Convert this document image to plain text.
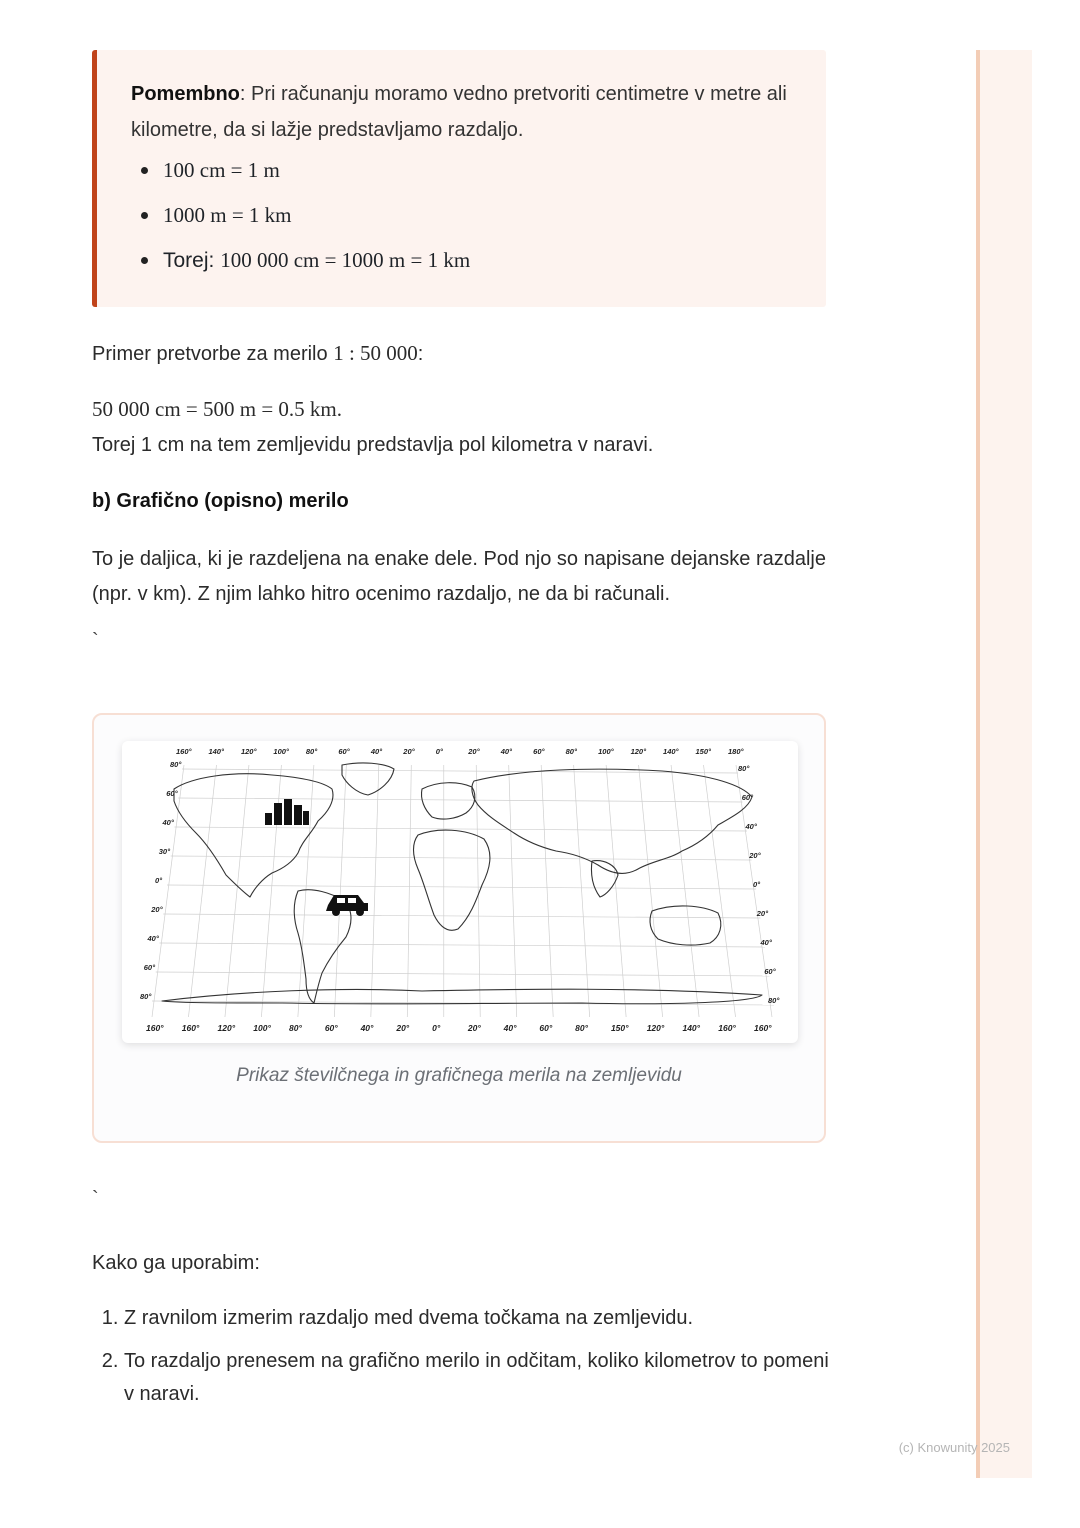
Pomembno: Pri računanju moramo vedno pretvoriti centimetre v metre ali kilometre, da si lažje predstavljamo razdaljo.

100 cm = 1 m
1000 m = 1 km
Torej: 100 000 cm = 1000 m = 1 km

Primer pretvorbe za merilo 1 : 50 000:

50 000 cm = 500 m = 0.5 km.

Torej 1 cm na tem zemljevidu predstavlja pol kilometra v naravi.

b) Grafično (opisno) merilo

To je daljica, ki je razdeljena na enake dele. Pod njo so napisane dejanske razdalje (npr. v km). Z njim lahko hitro ocenimo razdaljo, ne da bi računali.

`
160° 140° 120° 100° 80°	60°	40°	20°	0°	20°	40°	60°	80°	100° 120° 140° 150° 180°
160° 160° 120° 100° 80°	60°	40°	20°	0°	20°	40°	60°	80°	150° 120° 140° 160° 160°
80°	80°
60°	60°
40°	40°
30°	20°
0°	0°
20°	20°
40°	40°
60°	60°
80°	80°
Prikaz številčnega in grafičnega merila na zemljevidu
`

Kako ga uporabim:

1. Z ravnilom izmerim razdaljo med dvema točkama na zemljevidu.
2. To razdaljo prenesem na grafično merilo in odčitam, koliko kilometrov to pomeni v naravi.
(c) Knowunity 2025
